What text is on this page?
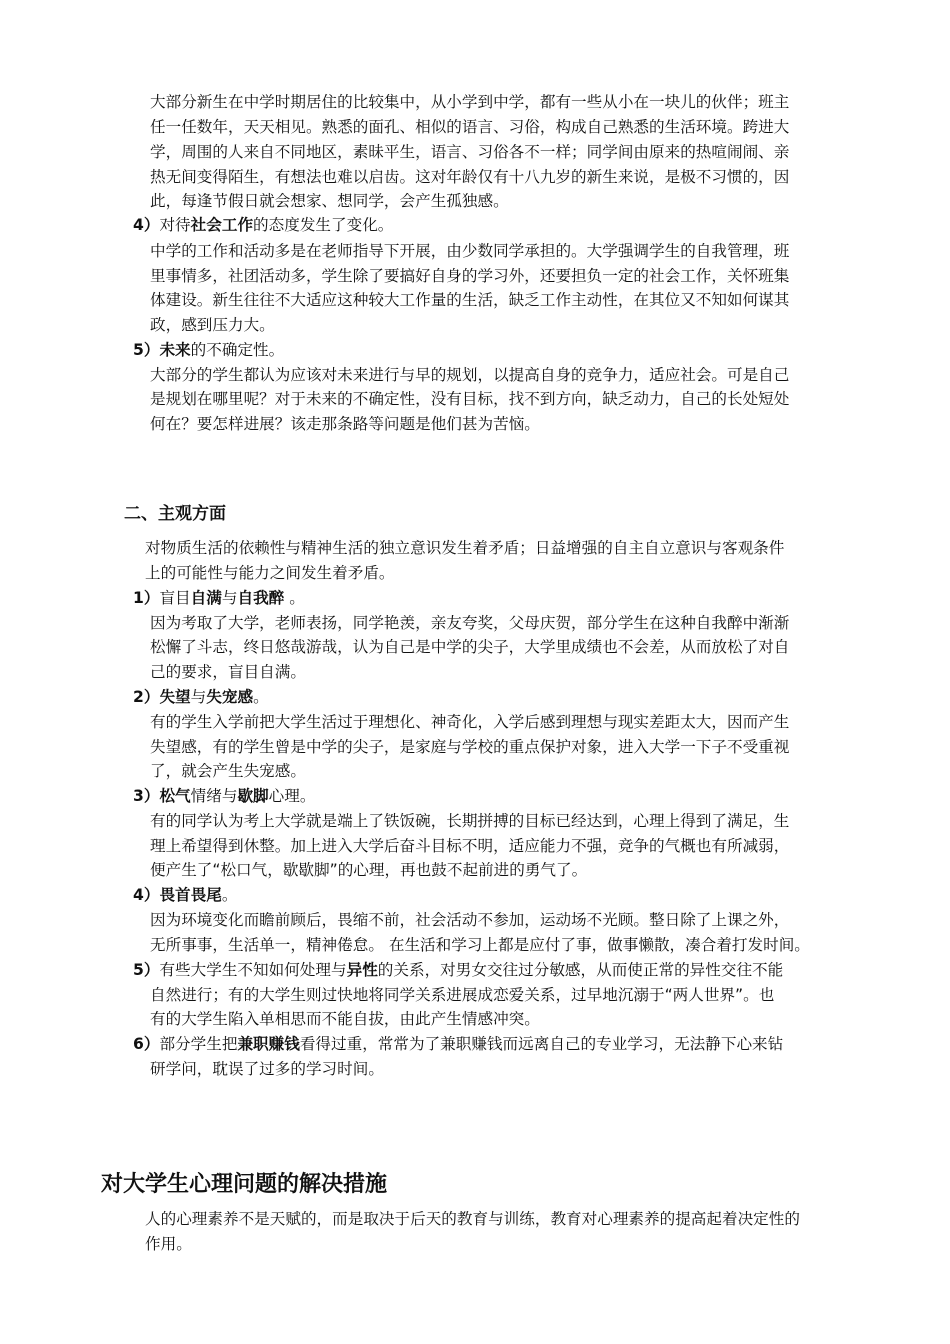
大部分新生在中学时期居住的比较集中，从小学到中学，都有一些从小在一块儿的伙伴；班主
任一任数年，天天相见。熟悉的面孔、相似的语言、习俗，构成自己熟悉的生活环境。跨进大
学，周围的人来自不同地区，素昧平生，语言、习俗各不一样；同学间由原来的热喧闹闹、亲
热无间变得陌生，有想法也难以启齿。这对年龄仅有十八九岁的新生来说，是极不习惯的，因
此，每逢节假日就会想家、想同学，会产生孤独感。
4）对待社会工作的态度发生了变化。
中学的工作和活动多是在老师指导下开展，由少数同学承担的。大学强调学生的自我管理，班
里事情多，社团活动多，学生除了要搞好自身的学习外，还要担负一定的社会工作，关怀班集
体建设。新生往往不大适应这种较大工作量的生活，缺乏工作主动性，在其位又不知如何谋其
政，感到压力大。
5）未来的不确定性。
大部分的学生都认为应该对未来进行与早的规划，以提高自身的竞争力，适应社会。可是自己
是规划在哪里呢？对于未来的不确定性，没有目标，找不到方向，缺乏动力，自己的长处短处
何在？要怎样进展？该走那条路等问题是他们甚为苦恼。
二、主观方面
对物质生活的依赖性与精神生活的独立意识发生着矛盾；日益增强的自主自立意识与客观条件
上的可能性与能力之间发生着矛盾。
1）盲目自满与自我醉 。
因为考取了大学，老师表扬，同学艳羡，亲友夸奖，父母庆贺，部分学生在这种自我醉中渐渐
松懈了斗志，终日悠哉游哉，认为自己是中学的尖子，大学里成绩也不会差，从而放松了对自
己的要求，盲目自满。
2）失望与失宠感。
有的学生入学前把大学生活过于理想化、神奇化，入学后感到理想与现实差距太大，因而产生
失望感，有的学生曾是中学的尖子，是家庭与学校的重点保护对象，进入大学一下子不受重视
了，就会产生失宠感。
3）松气情绪与歇脚心理。
有的同学认为考上大学就是端上了铁饭碗，长期拼搏的目标已经达到，心理上得到了满足，生
理上希望得到休整。加上进入大学后奋斗目标不明，适应能力不强，竞争的气概也有所减弱，
便产生了“松口气，歇歇脚”的心理，再也鼓不起前进的勇气了。
4）畏首畏尾。
因为环境变化而瞻前顾后，畏缩不前，社会活动不参加，运动场不光顾。整日除了上课之外，
无所事事，生活单一，精神倦怠。 在生活和学习上都是应付了事，做事懒散，凑合着打发时间。
5）有些大学生不知如何处理与异性的关系，对男女交往过分敏感，从而使正常的异性交往不能
自然进行；有的大学生则过快地将同学关系进展成恋爱关系，过早地沉溺于“两人世界”。也
有的大学生陷入单相思而不能自拔，由此产生情感冲突。
6）部分学生把兼职赚钱看得过重，常常为了兼职赚钱而远离自己的专业学习，无法静下心来钻
研学问，耽误了过多的学习时间。
对大学生心理问题的解决措施
人的心理素养不是天赋的，而是取决于后天的教育与训练，教育对心理素养的提高起着决定性的
作用。
